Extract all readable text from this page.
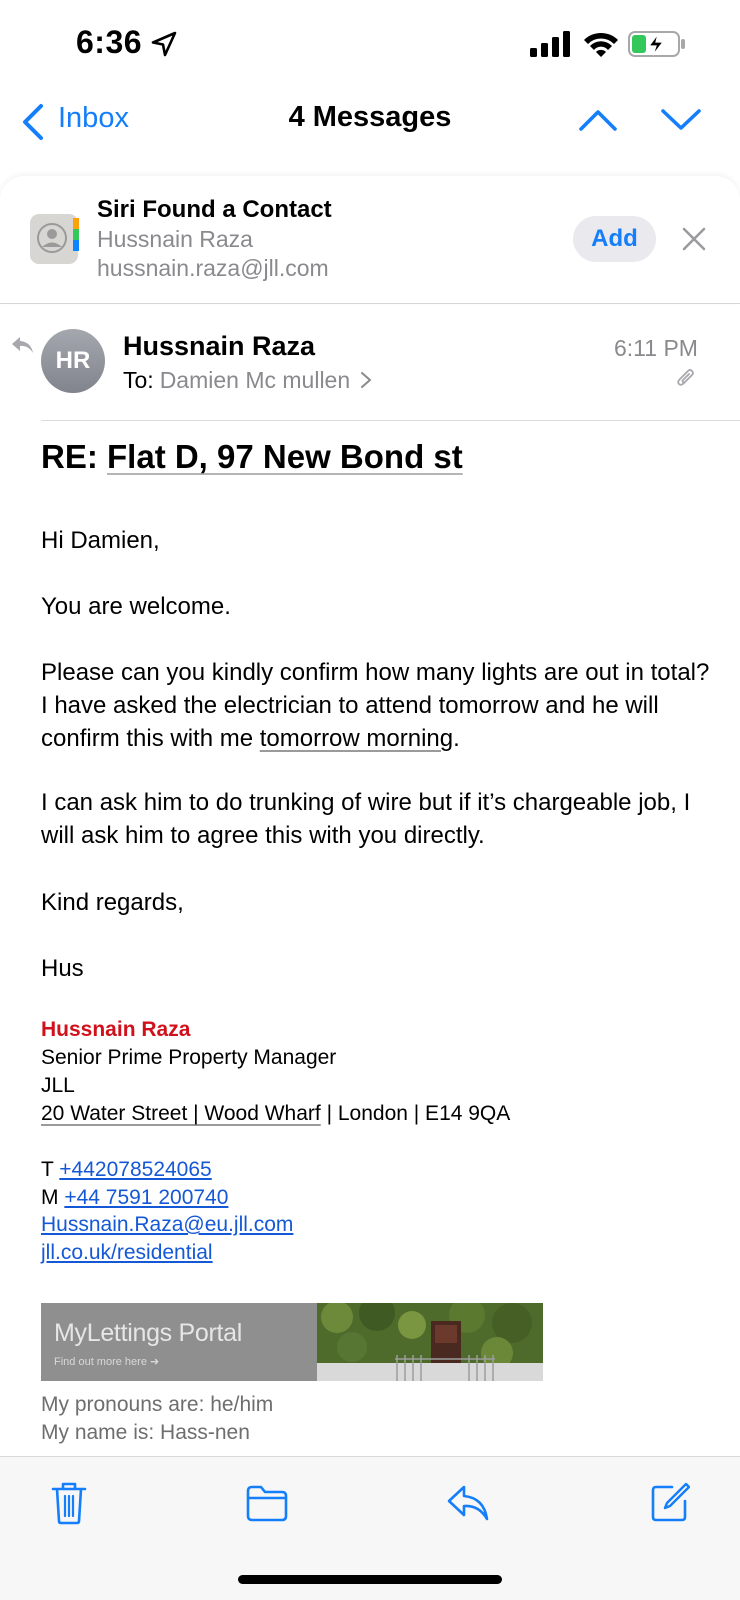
6:36
Inbox	4 Messages
Siri Found a Contact
Hussnain Raza
hussnain.raza@jll.com
Add
HR	Hussnain Raza
To: Damien Mc mullen
6:11 PM
RE: Flat D, 97 New Bond st
Hi Damien,
You are welcome.
Please can you kindly confirm how many lights are out in total? I have asked the electrician to attend tomorrow and he will confirm this with me tomorrow morning.
I can ask him to do trunking of wire but if it’s chargeable job, I will ask him to agree this with you directly.
Kind regards,
Hus
Hussnain Raza
Senior Prime Property Manager
JLL
20 Water Street | Wood Wharf | London | E14 9QA
T +442078524065
M +44 7591 200740
Hussnain.Raza@eu.jll.com
jll.co.uk/residential
MyLettings Portal
Find out more here ➜
My pronouns are: he/him
My name is: Hass-nen
